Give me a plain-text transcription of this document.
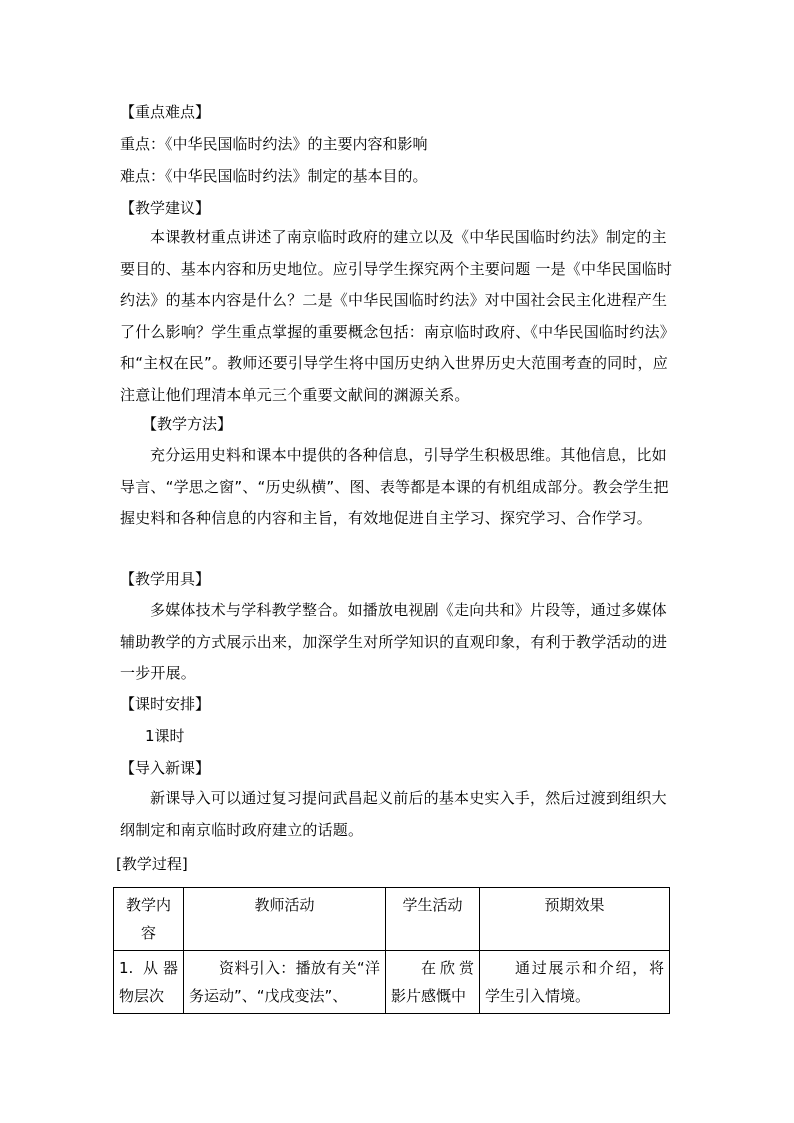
【重点难点】
重点：《中华民国临时约法》的主要内容和影响
难点：《中华民国临时约法》制定的基本目的。
【教学建议】
本课教材重点讲述了南京临时政府的建立以及《中华民国临时约法》制定的主要目的、基本内容和历史地位。应引导学生探究两个主要问题 一是《中华民国临时约法》的基本内容是什么？二是《中华民国临时约法》对中国社会民主化进程产生了什么影响？学生重点掌握的重要概念包括：南京临时政府、《中华民国临时约法》和“主权在民”。教师还要引导学生将中国历史纳入世界历史大范围考查的同时，应注意让他们理清本单元三个重要文献间的渊源关系。
【教学方法】
充分运用史料和课本中提供的各种信息，引导学生积极思维。其他信息，比如导言、“学思之窗”、“历史纵横”、图、表等都是本课的有机组成部分。教会学生把握史料和各种信息的内容和主旨，有效地促进自主学习、探究学习、合作学习。
【教学用具】
多媒体技术与学科教学整合。如播放电视剧《走向共和》片段等，通过多媒体辅助教学的方式展示出来，加深学生对所学知识的直观印象，有利于教学活动的进一步开展。
【课时安排】
1课时
【导入新课】
新课导入可以通过复习提问武昌起义前后的基本史实入手，然后过渡到组织大纲制定和南京临时政府建立的话题。
[教学过程]
教学内容	教师活动	学生活动	预期效果
1. 从器物层次	资料引入：播放有关“洋务运动”、“戊戌变法”、	在欣赏影片感慨中	通过展示和介绍，将学生引入情境。
